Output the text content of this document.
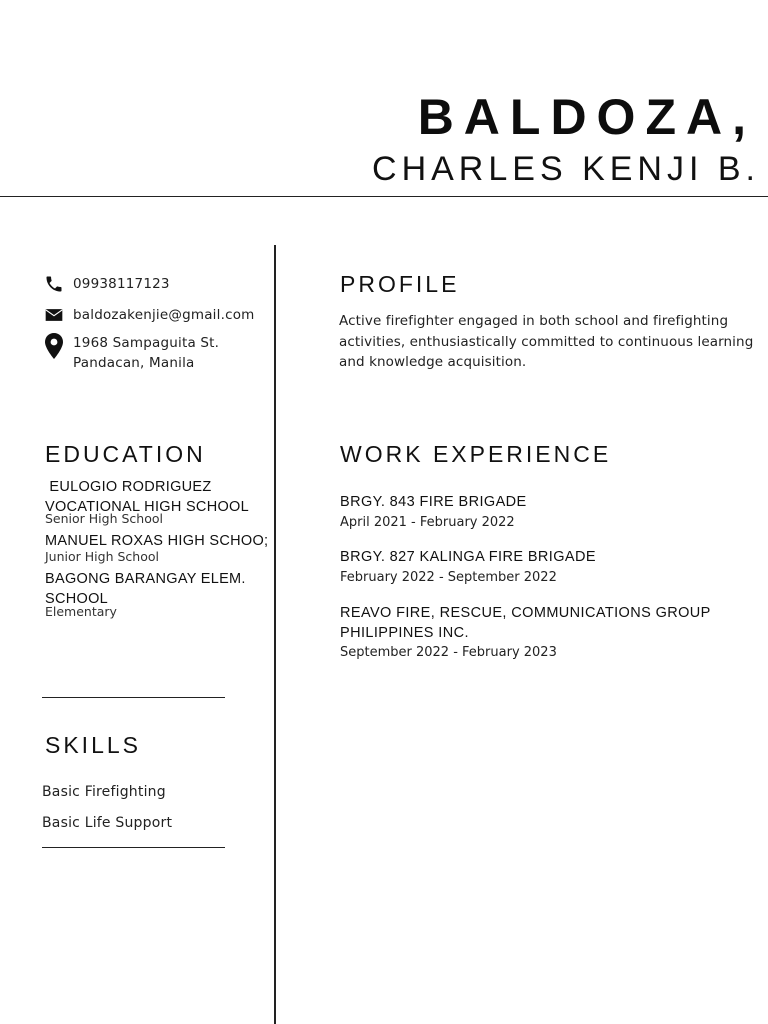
BALDOZA,
CHARLES KENJI B.
09938117123
baldozakenjie@gmail.com
1968 Sampaguita St.
Pandacan, Manila
EDUCATION
EULOGIO RODRIGUEZ VOCATIONAL HIGH SCHOOL
Senior High School
MANUEL ROXAS HIGH SCHOO;
Junior High School
BAGONG BARANGAY ELEM. SCHOOL
Elementary
SKILLS
Basic Firefighting
Basic Life Support
PROFILE
Active firefighter engaged in both school and firefighting activities, enthusiastically committed to continuous learning and knowledge acquisition.
WORK EXPERIENCE
BRGY. 843 FIRE BRIGADE
April 2021 - February 2022
BRGY. 827 KALINGA FIRE BRIGADE
February 2022 - September 2022
REAVO FIRE, RESCUE, COMMUNICATIONS GROUP PHILIPPINES INC.
September 2022 - February 2023
